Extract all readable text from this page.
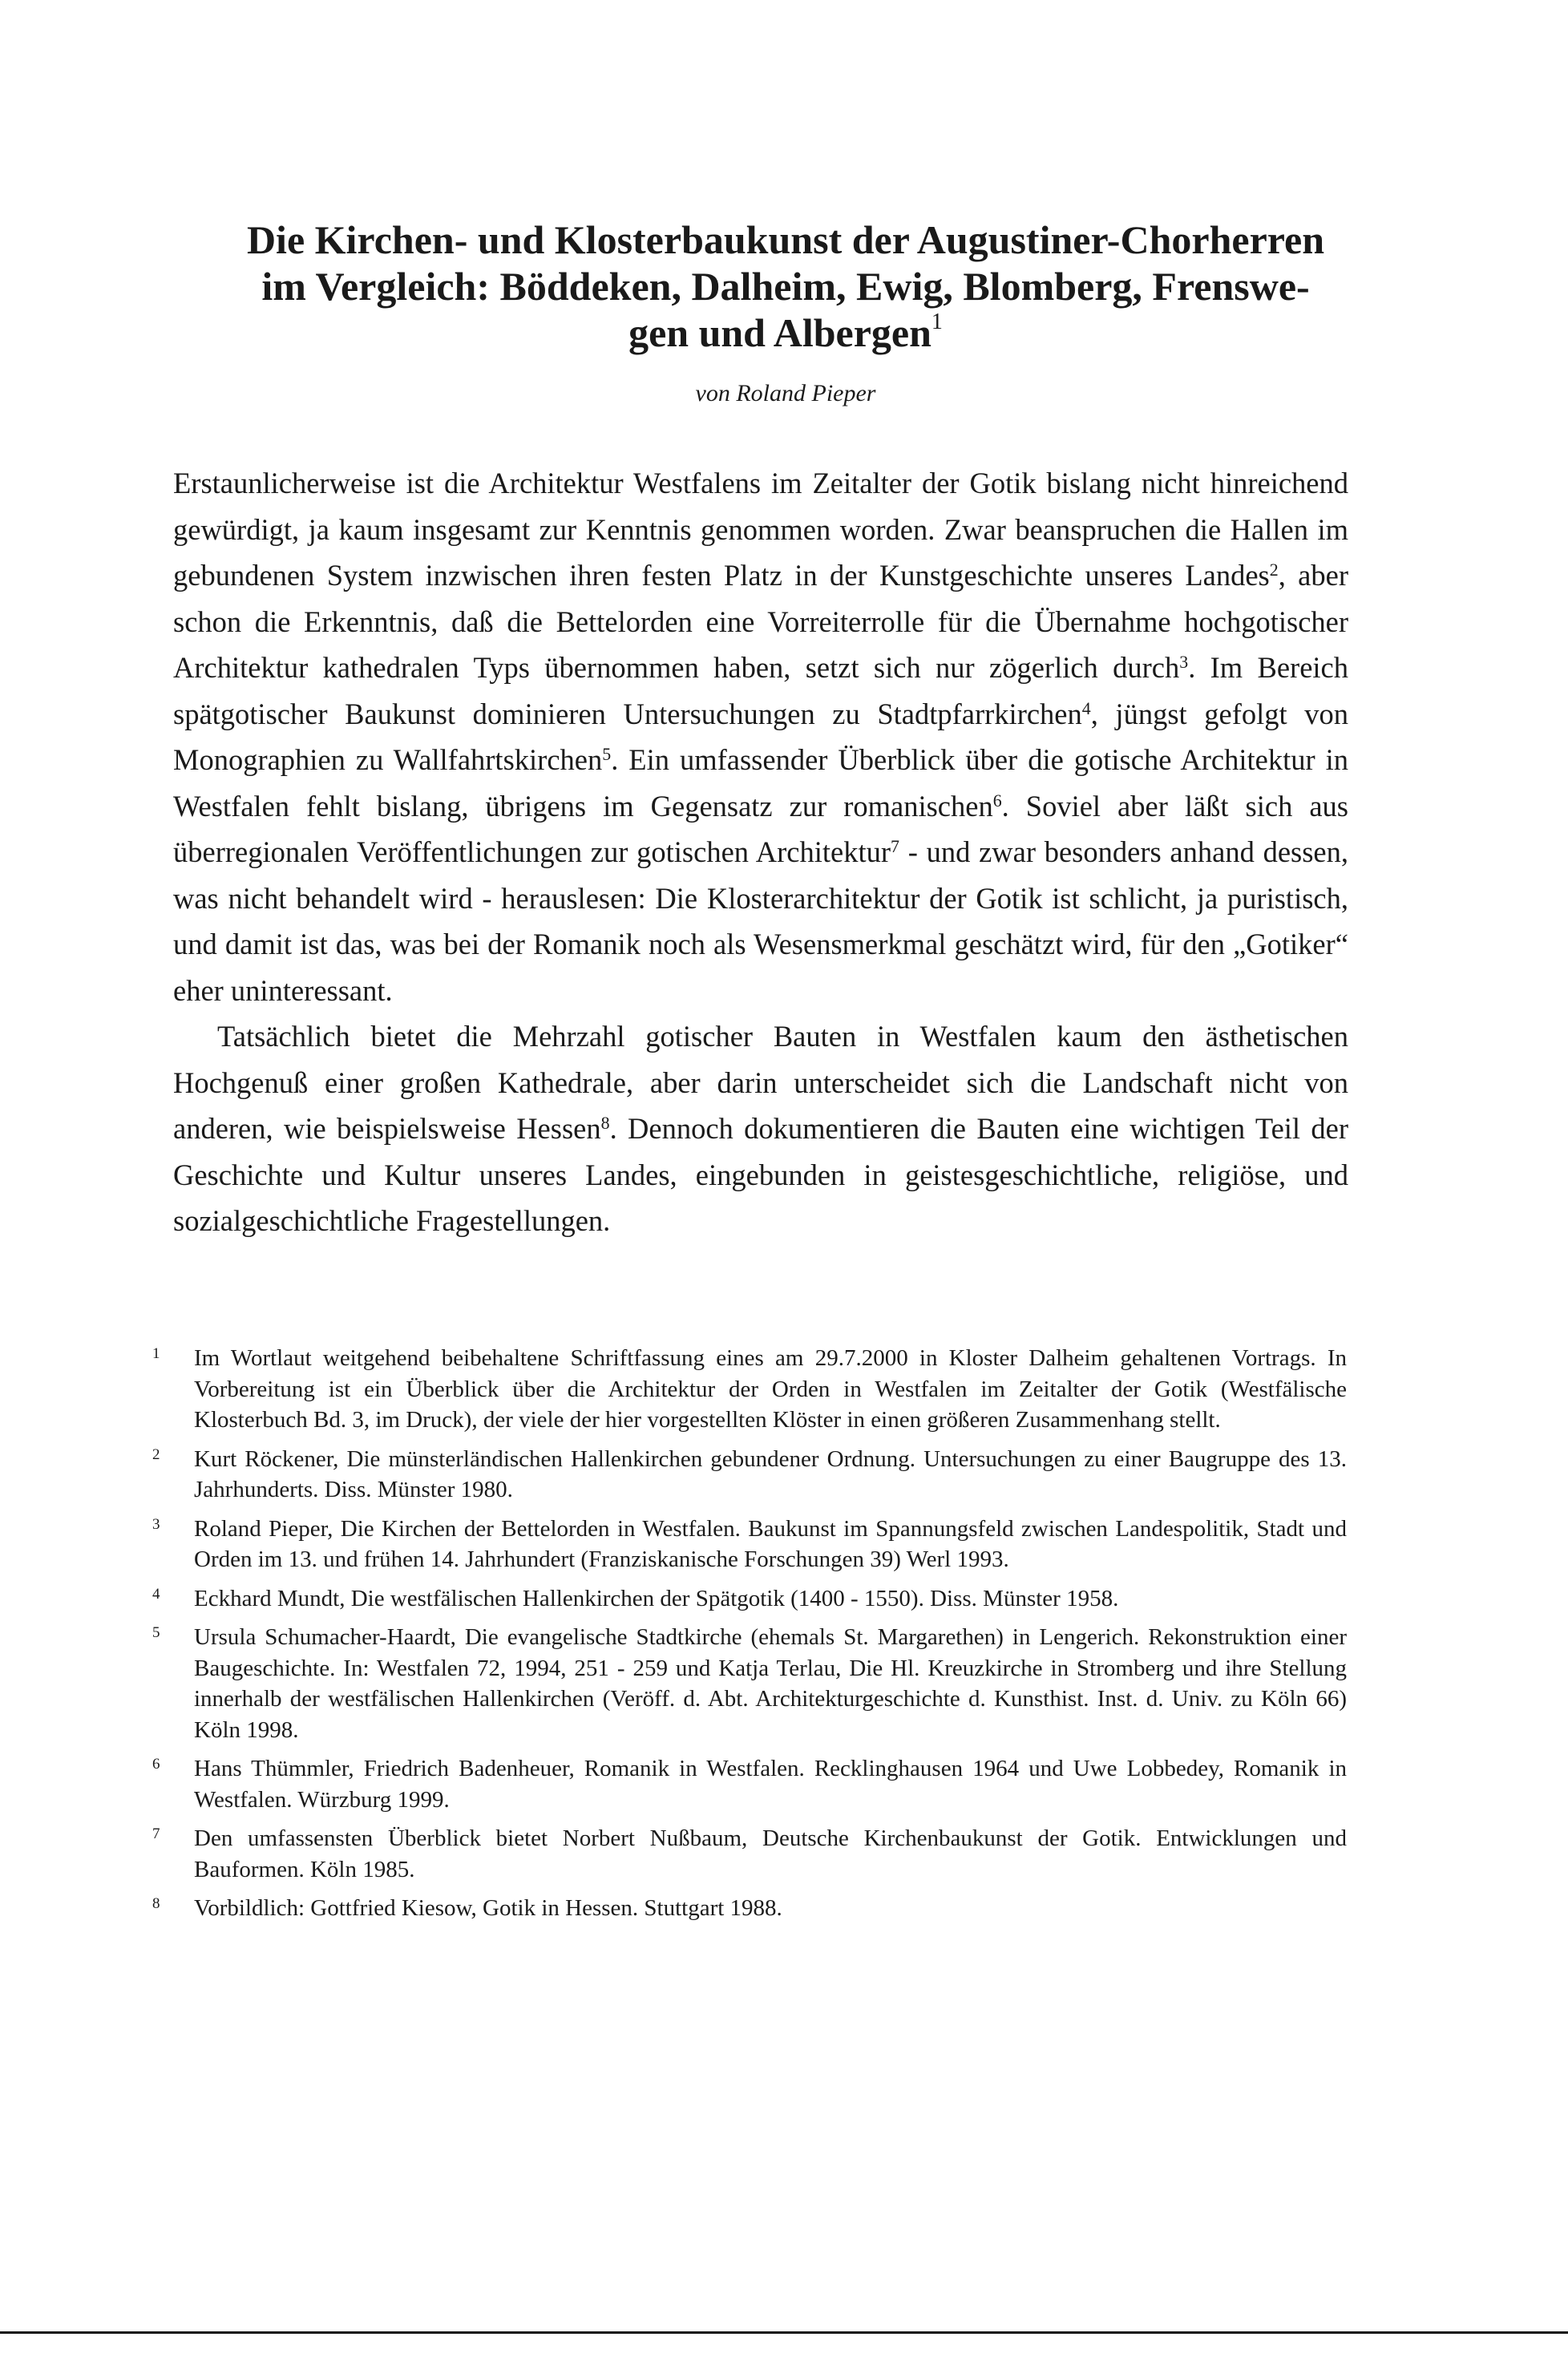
Die Kirchen- und Klosterbaukunst der Augustiner-Chorherren
im Vergleich: Böddeken, Dalheim, Ewig, Blomberg, Frenswe-
gen und Albergen$^1$

von Roland Pieper

Erstaunlicherweise ist die Architektur Westfalens im Zeitalter der Gotik bislang nicht hinreichend gewürdigt, ja kaum insgesamt zur Kenntnis genommen worden. Zwar beanspruchen die Hallen im gebundenen System inzwischen ihren festen Platz in der Kunstgeschichte unseres Landes$^2$, aber schon die Erkenntnis, daß die Bettelorden eine Vorreiterrolle für die Übernahme hochgotischer Architektur kathedralen Typs übernommen haben, setzt sich nur zögerlich durch$^3$. Im Bereich spätgotischer Baukunst dominieren Untersuchungen zu Stadtpfarrkirchen$^4$, jüngst gefolgt von Monographien zu Wallfahrtskirchen$^5$. Ein umfassender Überblick über die gotische Architektur in Westfalen fehlt bislang, übrigens im Gegensatz zur romanischen$^6$. Soviel aber läßt sich aus überregionalen Veröffentlichungen zur gotischen Architektur$^7$ - und zwar besonders anhand dessen, was nicht behandelt wird - herauslesen: Die Klosterarchitektur der Gotik ist schlicht, ja puristisch, und damit ist das, was bei der Romanik noch als Wesensmerkmal geschätzt wird, für den „Gotiker“ eher uninteressant.

Tatsächlich bietet die Mehrzahl gotischer Bauten in Westfalen kaum den ästhetischen Hochgenuß einer großen Kathedrale, aber darin unterscheidet sich die Landschaft nicht von anderen, wie beispielsweise Hessen$^8$. Dennoch dokumentieren die Bauten eine wichtigen Teil der Geschichte und Kultur unseres Landes, eingebunden in geistesgeschichtliche, religiöse, und sozialgeschichtliche Fragestellungen.

1	Im Wortlaut weitgehend beibehaltene Schriftfassung eines am 29.7.2000 in Kloster Dalheim gehaltenen Vortrags. In Vorbereitung ist ein Überblick über die Architektur der Orden in Westfalen im Zeitalter der Gotik (Westfälische Klosterbuch Bd. 3, im Druck), der viele der hier vorgestellten Klöster in einen größeren Zusammenhang stellt.
2	Kurt Röckener, Die münsterländischen Hallenkirchen gebundener Ordnung. Untersuchungen zu einer Baugruppe des 13. Jahrhunderts. Diss. Münster 1980.
3	Roland Pieper, Die Kirchen der Bettelorden in Westfalen. Baukunst im Spannungsfeld zwischen Landespolitik, Stadt und Orden im 13. und frühen 14. Jahrhundert (Franziskanische Forschungen 39) Werl 1993.
4	Eckhard Mundt, Die westfälischen Hallenkirchen der Spätgotik (1400 - 1550). Diss. Münster 1958.
5	Ursula Schumacher-Haardt, Die evangelische Stadtkirche (ehemals St. Margarethen) in Lengerich. Rekonstruktion einer Baugeschichte. In: Westfalen 72, 1994, 251 - 259 und Katja Terlau, Die Hl. Kreuzkirche in Stromberg und ihre Stellung innerhalb der westfälischen Hallenkirchen (Veröff. d. Abt. Architekturgeschichte d. Kunsthist. Inst. d. Univ. zu Köln 66) Köln 1998.
6	Hans Thümmler, Friedrich Badenheuer, Romanik in Westfalen. Recklinghausen 1964 und Uwe Lobbedey, Romanik in Westfalen. Würzburg 1999.
7	Den umfassensten Überblick bietet Norbert Nußbaum, Deutsche Kirchenbaukunst der Gotik. Entwicklungen und Bauformen. Köln 1985.
8	Vorbildlich: Gottfried Kiesow, Gotik in Hessen. Stuttgart 1988.
